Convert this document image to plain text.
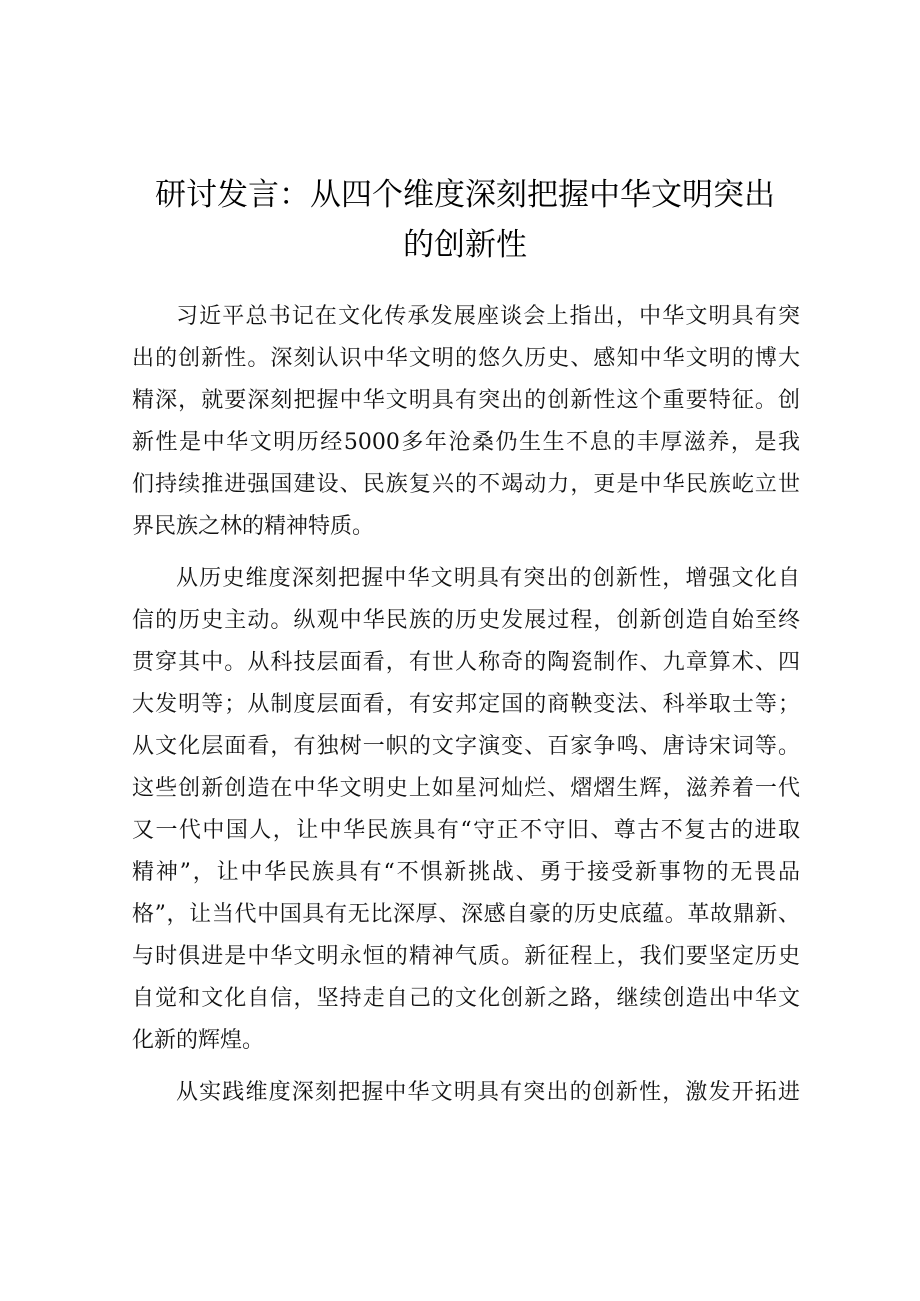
研讨发言：从四个维度深刻把握中华文明突出
的创新性
习近平总书记在文化传承发展座谈会上指出，中华文明具有突
出的创新性。深刻认识中华文明的悠久历史、感知中华文明的博大
精深，就要深刻把握中华文明具有突出的创新性这个重要特征。创
新性是中华文明历经5000多年沧桑仍生生不息的丰厚滋养，是我
们持续推进强国建设、民族复兴的不竭动力，更是中华民族屹立世
界民族之林的精神特质。
从历史维度深刻把握中华文明具有突出的创新性，增强文化自
信的历史主动。纵观中华民族的历史发展过程，创新创造自始至终
贯穿其中。从科技层面看，有世人称奇的陶瓷制作、九章算术、四
大发明等；从制度层面看，有安邦定国的商鞅变法、科举取士等；
从文化层面看，有独树一帜的文字演变、百家争鸣、唐诗宋词等。
这些创新创造在中华文明史上如星河灿烂、熠熠生辉，滋养着一代
又一代中国人，让中华民族具有“守正不守旧、尊古不复古的进取
精神”，让中华民族具有“不惧新挑战、勇于接受新事物的无畏品
格”，让当代中国具有无比深厚、深感自豪的历史底蕴。革故鼎新、
与时俱进是中华文明永恒的精神气质。新征程上，我们要坚定历史
自觉和文化自信，坚持走自己的文化创新之路，继续创造出中华文
化新的辉煌。
从实践维度深刻把握中华文明具有突出的创新性，激发开拓进
